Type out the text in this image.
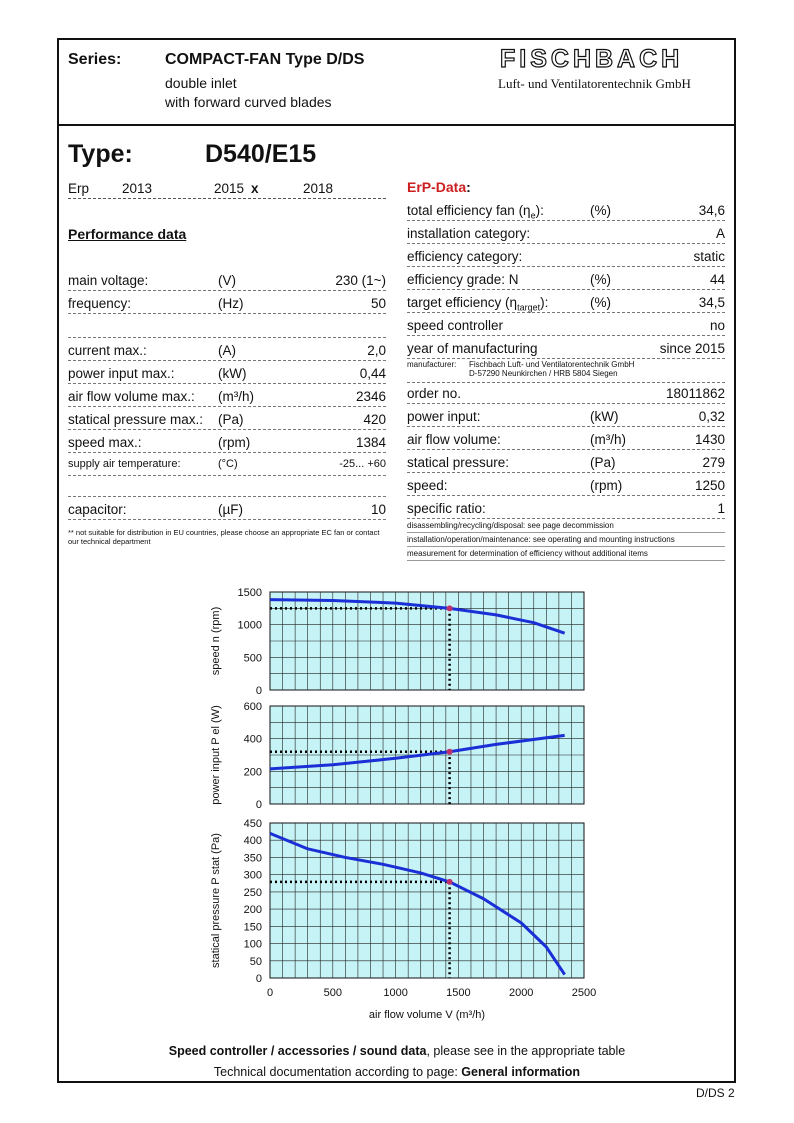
Series:	COMPACT-FAN Type D/DS
double inlet
with forward curved blades
FISCHBACH
Luft- und Ventilatorentechnik GmbH
Type:	D540/E15
Erp 2013	2015 x	2018
Performance data
main voltage:	(V)	230 (1~)
frequency:	(Hz)	50
current max.:	(A)	2,0
power input max.:	(kW)	0,44
air flow volume max.: (m³/h)	2346
statical pressure max.: (Pa)	420
speed max.:	(rpm)	1384
supply air temperature:	(°C)	-25... +60
capacitor:	(µF)	10
** not suitable for distribution in EU countries, please choose an appropriate EC fan or contact our technical department
ErP-Data:
total efficiency fan $(\eta_e)$:	(%)	34,6
installation category:	A
efficiency category:	static
efficiency grade: N	(%)	44
target efficiency $(\eta_{target})$:	(%)	34,5
speed controller	no
year of manufacturing	since 2015
manufacturer: Fischbach Luft- und Ventilatorentechnik GmbH
D-57290 Neunkirchen / HRB 5804 Siegen
order no.	18011862
power input:	(kW)	0,32
air flow volume:	(m³/h)	1430
statical pressure:	(Pa)	279
speed:	(rpm)	1250
specific ratio:	1
disassembling/recycling/disposal: see page decommission
installation/operation/maintenance: see operating and mounting instructions
measurement for determination of efficiency without additional items
0
500
1000
1500
speed n (rpm)
0
200
400
600
power input P el (W)
0
50
100
150
200
250
300
350
400
450
statical pressure P stat (Pa)
0	500	1000	1500	2000	2500
air flow volume V (m³/h)
Speed controller / accessories / sound data, please see in the appropriate table
Technical documentation according to page: General information
D/DS 2
